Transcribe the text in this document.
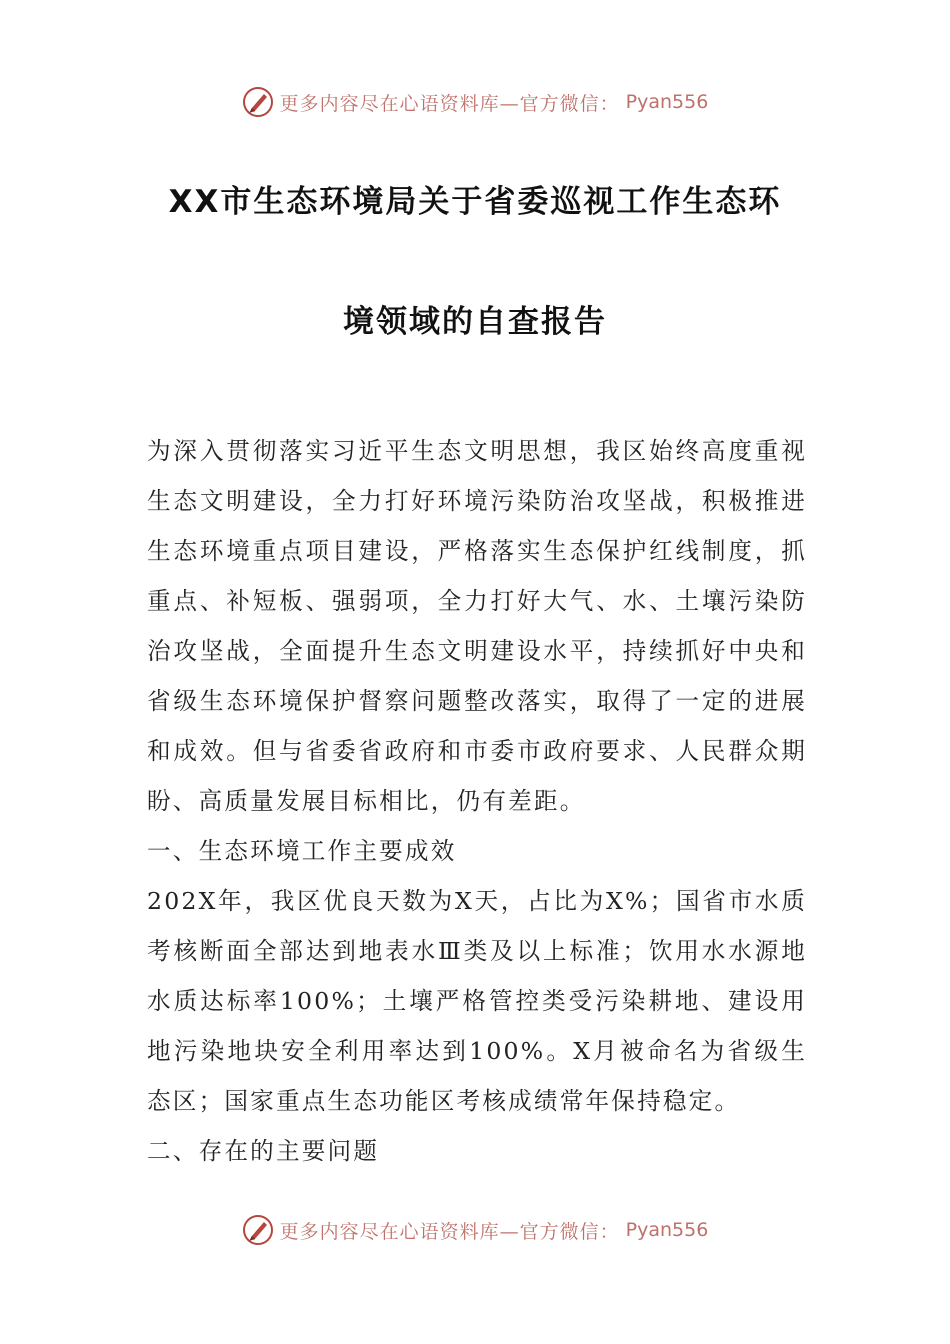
更多内容尽在心语资料库—官方微信： Pyan556
XX市生态环境局关于省委巡视工作生态环
境领域的自查报告

为深入贯彻落实习近平生态文明思想，我区始终高度重视生态文明建设，全力打好环境污染防治攻坚战，积极推进生态环境重点项目建设，严格落实生态保护红线制度，抓重点、补短板、强弱项，全力打好大气、水、土壤污染防治攻坚战，全面提升生态文明建设水平，持续抓好中央和省级生态环境保护督察问题整改落实，取得了一定的进展和成效。但与省委省政府和市委市政府要求、人民群众期盼、高质量发展目标相比，仍有差距。

一、生态环境工作主要成效

202X年，我区优良天数为X天，占比为X%；国省市水质考核断面全部达到地表水Ⅲ类及以上标准；饮用水水源地水质达标率100%；土壤严格管控类受污染耕地、建设用地污染地块安全利用率达到100%。X月被命名为省级生态区；国家重点生态功能区考核成绩常年保持稳定。

二、存在的主要问题

更多内容尽在心语资料库—官方微信： Pyan556
